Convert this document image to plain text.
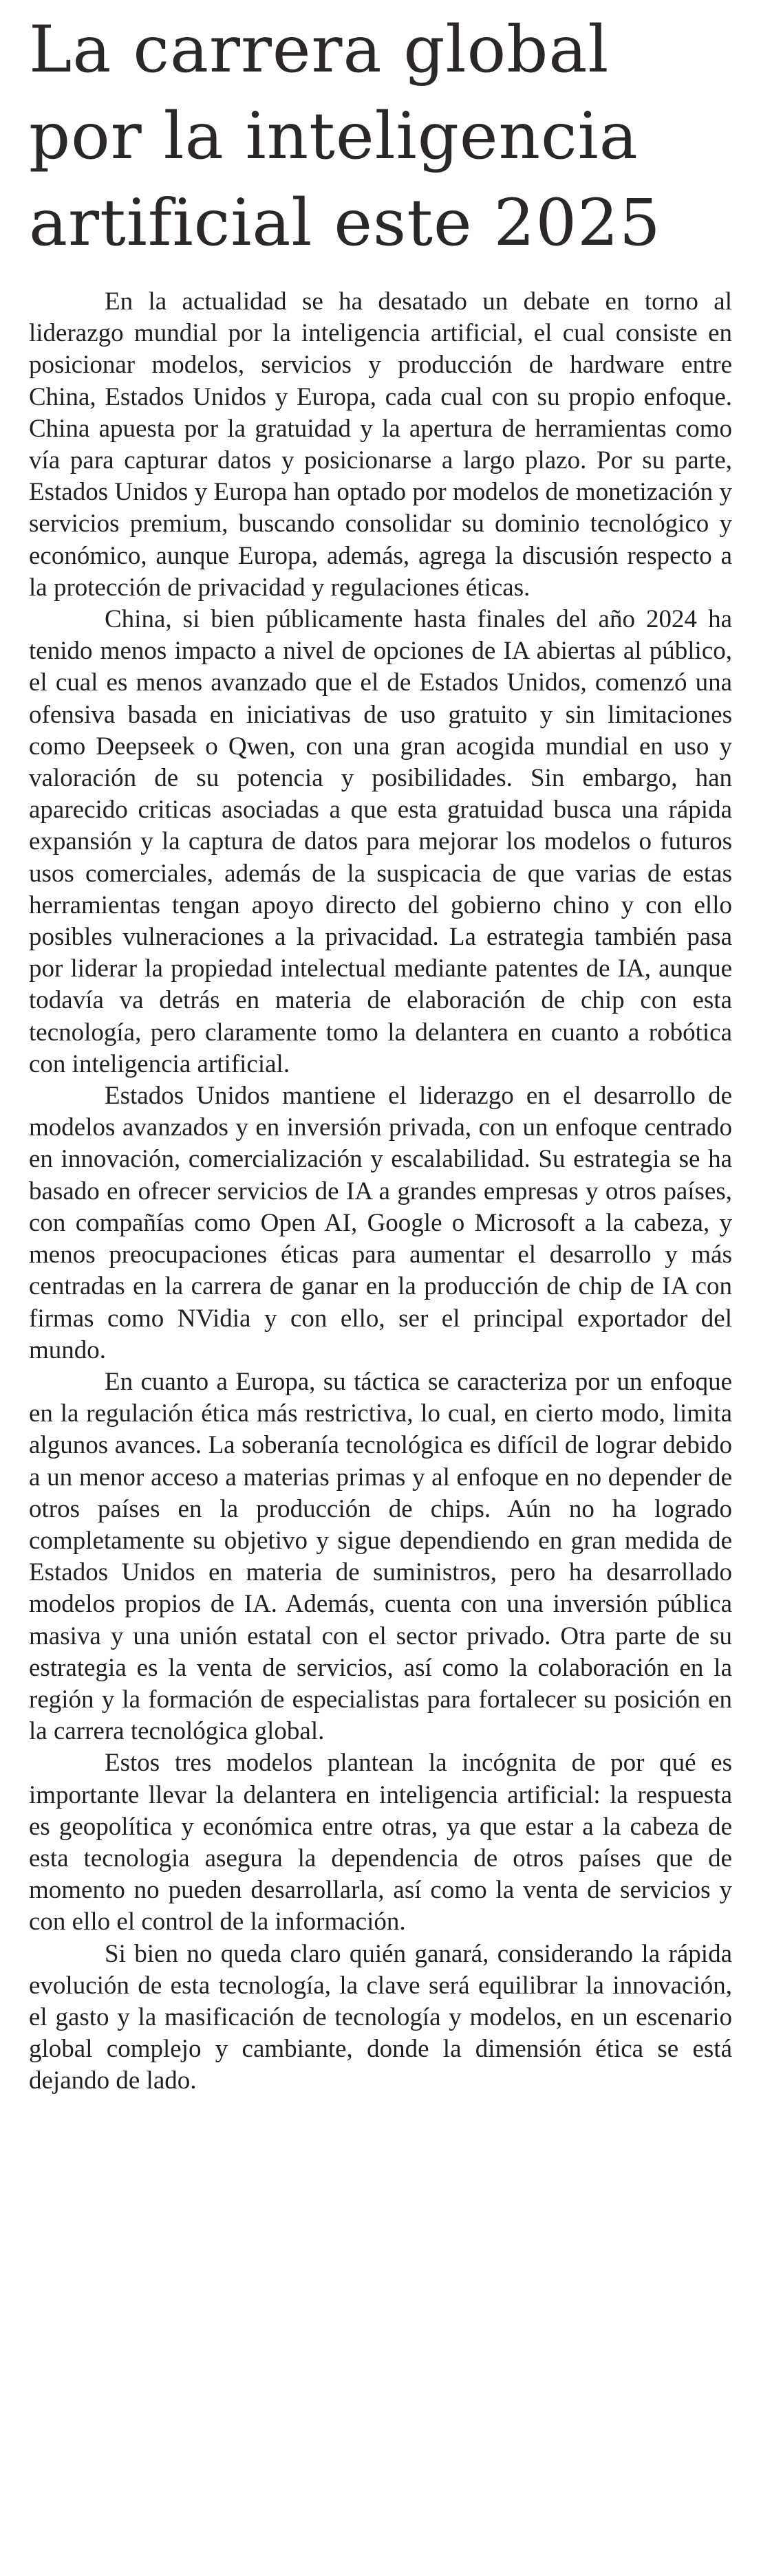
La carrera global por la inteligencia artificial este 2025

En la actualidad se ha desatado un debate en torno al liderazgo mundial por la inteligencia artificial, el cual consiste en posicionar modelos, servicios y producción de hardware entre China, Estados Unidos y Europa, cada cual con su propio enfoque. China apuesta por la gratuidad y la apertura de herramientas como vía para capturar datos y posicionarse a largo plazo. Por su parte, Estados Unidos y Europa han optado por modelos de monetización y servicios premium, buscando consolidar su dominio tecnológico y económico, aunque Europa, además, agrega la discusión respecto a la protección de privacidad y regulaciones éticas.

China, si bien públicamente hasta finales del año 2024 ha tenido menos impacto a nivel de opciones de IA abiertas al público, el cual es menos avanzado que el de Estados Unidos, comenzó una ofensiva basada en iniciativas de uso gratuito y sin limitaciones como Deepseek o Qwen, con una gran acogida mundial en uso y valoración de su potencia y posibilidades. Sin embargo, han aparecido criticas asociadas a que esta gratuidad busca una rápida expansión y la captura de datos para mejorar los modelos o futuros usos comerciales, además de la suspicacia de que varias de estas herramientas tengan apoyo directo del gobierno chino y con ello posibles vulneraciones a la privacidad. La estrategia también pasa por liderar la propiedad intelectual mediante patentes de IA, aunque todavía va detrás en materia de elaboración de chip con esta tecnología, pero claramente tomo la delantera en cuanto a robótica con inteligencia artificial.

Estados Unidos mantiene el liderazgo en el desarrollo de modelos avanzados y en inversión privada, con un enfoque centrado en innovación, comercialización y escalabilidad. Su estrategia se ha basado en ofrecer servicios de IA a grandes empresas y otros países, con compañías como Open AI, Google o Microsoft a la cabeza, y menos preocupaciones éticas para aumentar el desarrollo y más centradas en la carrera de ganar en la producción de chip de IA con firmas como NVidia y con ello, ser el principal exportador del mundo.

En cuanto a Europa, su táctica se caracteriza por un enfoque en la regulación ética más restrictiva, lo cual, en cierto modo, limita algunos avances. La soberanía tecnológica es difícil de lograr debido a un menor acceso a materias primas y al enfoque en no depender de otros países en la producción de chips. Aún no ha logrado completamente su objetivo y sigue dependiendo en gran medida de Estados Unidos en materia de suministros, pero ha desarrollado modelos propios de IA. Además, cuenta con una inversión pública masiva y una unión estatal con el sector privado. Otra parte de su estrategia es la venta de servicios, así como la colaboración en la región y la formación de especialistas para fortalecer su posición en la carrera tecnológica global.

Estos tres modelos plantean la incógnita de por qué es importante llevar la delantera en inteligencia artificial: la respuesta es geopolítica y económica entre otras, ya que estar a la cabeza de esta tecnologia asegura la dependencia de otros países que de momento no pueden desarrollarla, así como la venta de servicios y con ello el control de la información.

Si bien no queda claro quién ganará, considerando la rápida evolución de esta tecnología, la clave será equilibrar la innovación, el gasto y la masificación de tecnología y modelos, en un escenario global complejo y cambiante, donde la dimensión ética se está dejando de lado.
